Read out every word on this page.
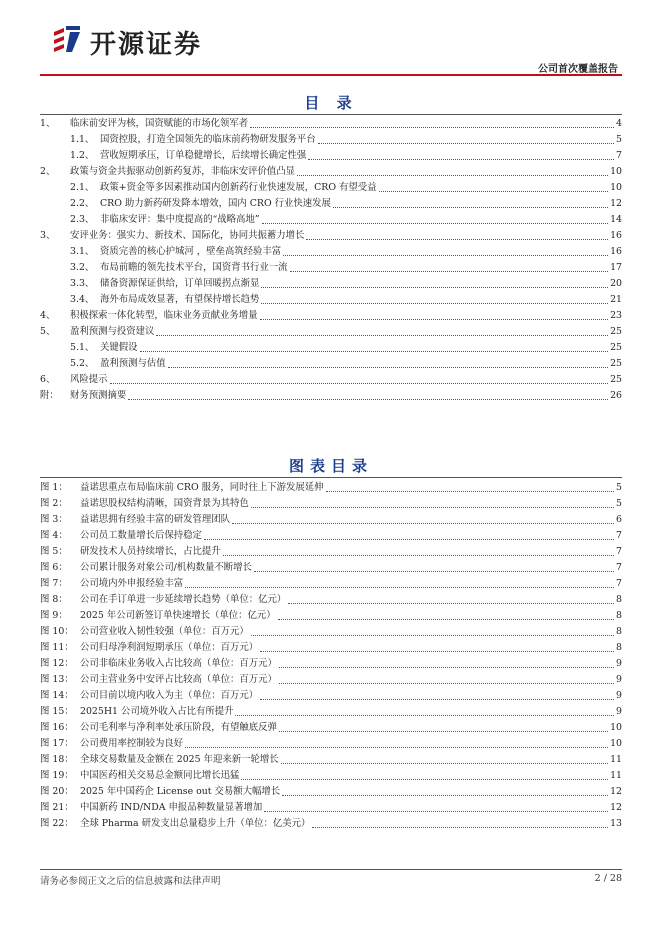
开源证券
公司首次覆盖报告
目 录
1、	临床前安评为核，国资赋能的市场化领军者	4
1.1、 国资控股，打造全国领先的临床前药物研发服务平台	5
1.2、 营收短期承压，订单稳健增长，后续增长确定性强	7
2、	政策与资金共振驱动创新药复苏，非临床安评价值凸显	10
2.1、 政策+资金等多因素推动国内创新药行业快速发展，CRO 有望受益	10
2.2、 CRO 助力新药研发降本增效，国内 CRO 行业快速发展	12
2.3、 非临床安评：集中度提高的“战略高地”	14
3、	安评业务：强实力、新技术、国际化，协同共振蓄力增长	16
3.1、 资质完善的核心护城河 ，壁垒高筑经验丰富	16
3.2、 布局前瞻的领先技术平台，国资背书行业一流	17
3.3、 储备资源保证供给，订单回暖拐点渐显	20
3.4、 海外布局成效显著，有望保持增长趋势	21
4、	积极探索一体化转型，临床业务贡献业务增量	23
5、	盈利预测与投资建议	25
5.1、 关键假设	25
5.2、 盈利预测与估值	25
6、	风险提示	25
附：	财务预测摘要	26
图表目录
图 1：	益诺思重点布局临床前 CRO 服务，同时往上下游发展延伸	5
图 2：	益诺思股权结构清晰，国资背景为其特色	5
图 3：	益诺思拥有经验丰富的研发管理团队	6
图 4：	公司员工数量增长后保持稳定	7
图 5：	研发技术人员持续增长，占比提升	7
图 6：	公司累计服务对象公司/机构数量不断增长	7
图 7：	公司境内外申报经验丰富	7
图 8：	公司在手订单进一步延续增长趋势（单位：亿元）	8
图 9：	2025 年公司新签订单快速增长（单位：亿元）	8
图 10： 公司营业收入韧性较强（单位：百万元）	8
图 11： 公司归母净利润短期承压（单位：百万元）	8
图 12： 公司非临床业务收入占比较高（单位：百万元）	9
图 13： 公司主营业务中安评占比较高（单位：百万元）	9
图 14： 公司目前以境内收入为主（单位：百万元）	9
图 15： 2025H1 公司境外收入占比有所提升	9
图 16： 公司毛利率与净利率处承压阶段，有望触底反弹	10
图 17： 公司费用率控制较为良好	10
图 18： 全球交易数量及金额在 2025 年迎来新一轮增长	11
图 19： 中国医药相关交易总金额同比增长迅猛	11
图 20： 2025 年中国药企 License out 交易额大幅增长	12
图 21： 中国新药 IND/NDA 申报品种数量显著增加	12
图 22： 全球 Pharma 研发支出总量稳步上升（单位：亿美元）	13
请务必参阅正文之后的信息披露和法律声明	2 / 28
